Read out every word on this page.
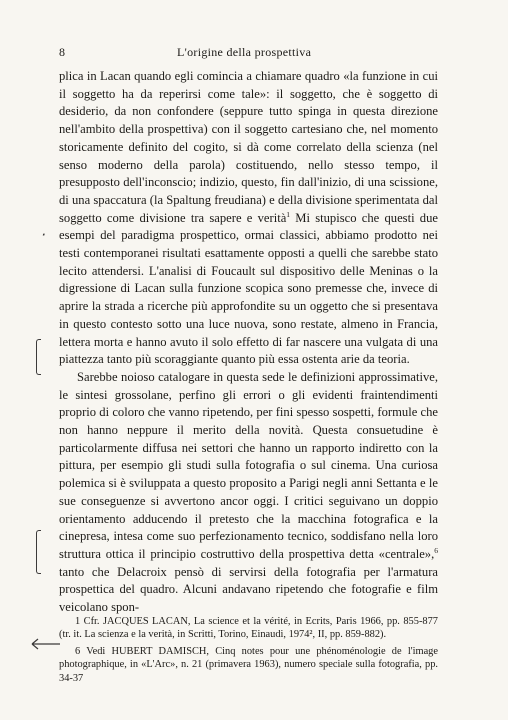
8	L'origine della prospettiva

plica in Lacan quando egli comincia a chiamare quadro «la funzione in cui il soggetto ha da reperirsi come tale»: il soggetto, che è soggetto di desiderio, da non confondere (seppure tutto spinga in questa direzione nell'ambito della prospettiva) con il soggetto cartesiano che, nel momento storicamente definito del cogito, si dà come correlato della scienza (nel senso moderno della parola) costituendo, nello stesso tempo, il presupposto dell'inconscio; indizio, questo, fin dall'inizio, di una scissione, di una spaccatura (la Spaltung freudiana) e della divisione sperimentata dal soggetto come divisione tra sapere e verità$^1$ Mi stupisco che questi due esempi del paradigma prospettico, ormai classici, abbiamo prodotto nei testi contemporanei risultati esattamente opposti a quelli che sarebbe stato lecito attendersi. L'analisi di Foucault sul dispositivo delle Meninas o la digressione di Lacan sulla funzione scopica sono premesse che, invece di aprire la strada a ricerche più approfondite su un oggetto che si presentava in questo contesto sotto una luce nuova, sono restate, almeno in Francia, lettera morta e hanno avuto il solo effetto di far nascere una vulgata di una piattezza tanto più scoraggiante quanto più essa ostenta arie da teoria.

Sarebbe noioso catalogare in questa sede le definizioni approssimative, le sintesi grossolane, perfino gli errori o gli evidenti fraintendimenti proprio di coloro che vanno ripetendo, per fini spesso sospetti, formule che non hanno neppure il merito della novità. Questa consuetudine è particolarmente diffusa nei settori che hanno un rapporto indiretto con la pittura, per esempio gli studi sulla fotografia o sul cinema. Una curiosa polemica si è sviluppata a questo proposito a Parigi negli anni Settanta e le sue conseguenze si avvertono ancor oggi. I critici seguivano un doppio orientamento adducendo il pretesto che la macchina fotografica e la cinepresa, intesa come suo perfezionamento tecnico, soddisfano nella loro struttura ottica il principio costruttivo della prospettiva detta «centrale»,$^6$ tanto che Delacroix pensò di servirsi della fotografia per l'armatura prospettica del quadro. Alcuni andavano ripetendo che fotografie e film veicolano spon-

1 Cfr. JACQUES LACAN, La science et la vérité, in Ecrits, Paris 1966, pp. 855-877 (tr. it. La scienza e la verità, in Scritti, Torino, Einaudi, 1974², II, pp. 859-882).

6 Vedi HUBERT DAMISCH, Cinq notes pour une phénoménologie de l'image photographique, in «L'Arc», n. 21 (primavera 1963), numero speciale sulla fotografia, pp. 34-37

‧
